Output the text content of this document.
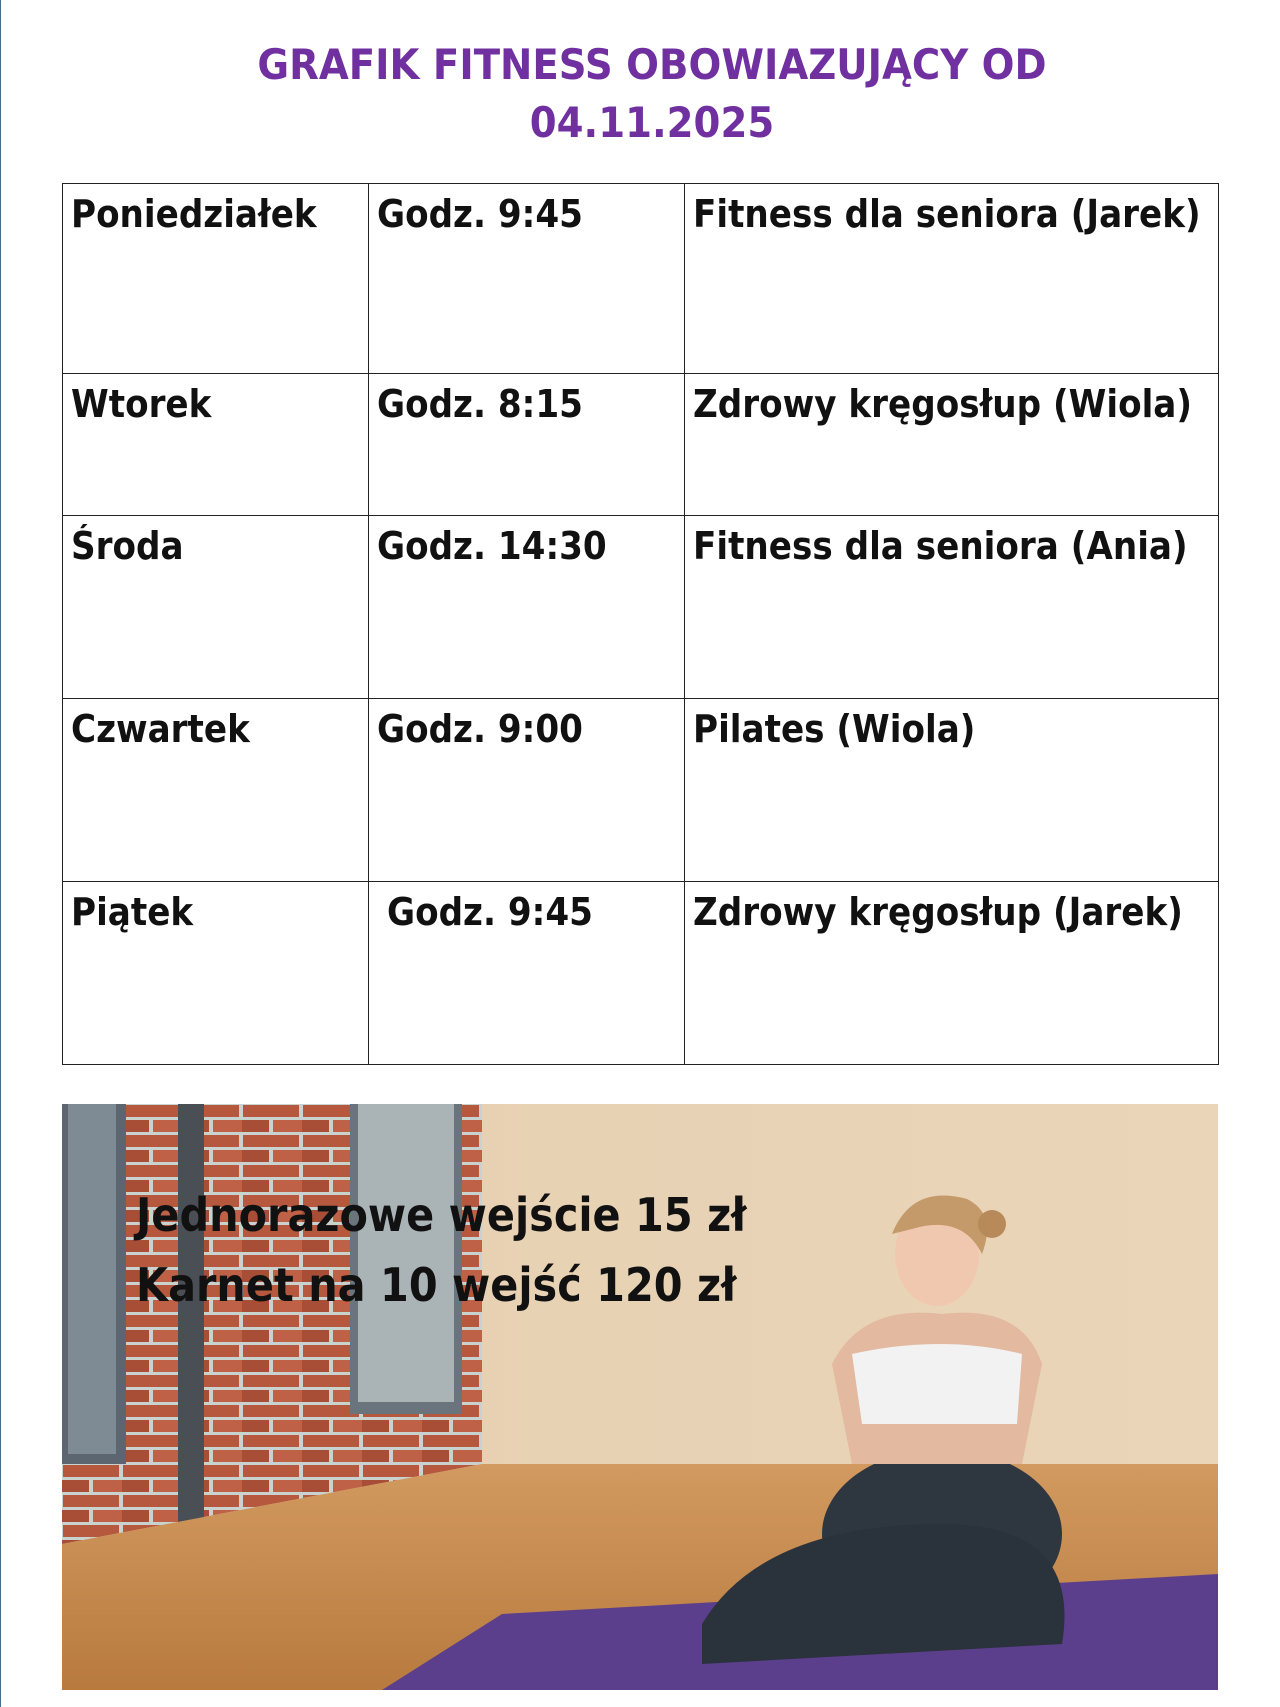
GRAFIK FITNESS OBOWIAZUJĄCY OD
04.11.2025
Poniedziałek	Godz. 9:45	Fitness dla seniora (Jarek)
Wtorek	Godz. 8:15	Zdrowy kręgosłup (Wiola)
Środa	Godz. 14:30	Fitness dla seniora (Ania)
Czwartek	Godz. 9:00	Pilates (Wiola)
Piątek	Godz. 9:45	Zdrowy kręgosłup (Jarek)
Jednorazowe wejście 15 zł
Karnet na 10 wejść 120 zł
